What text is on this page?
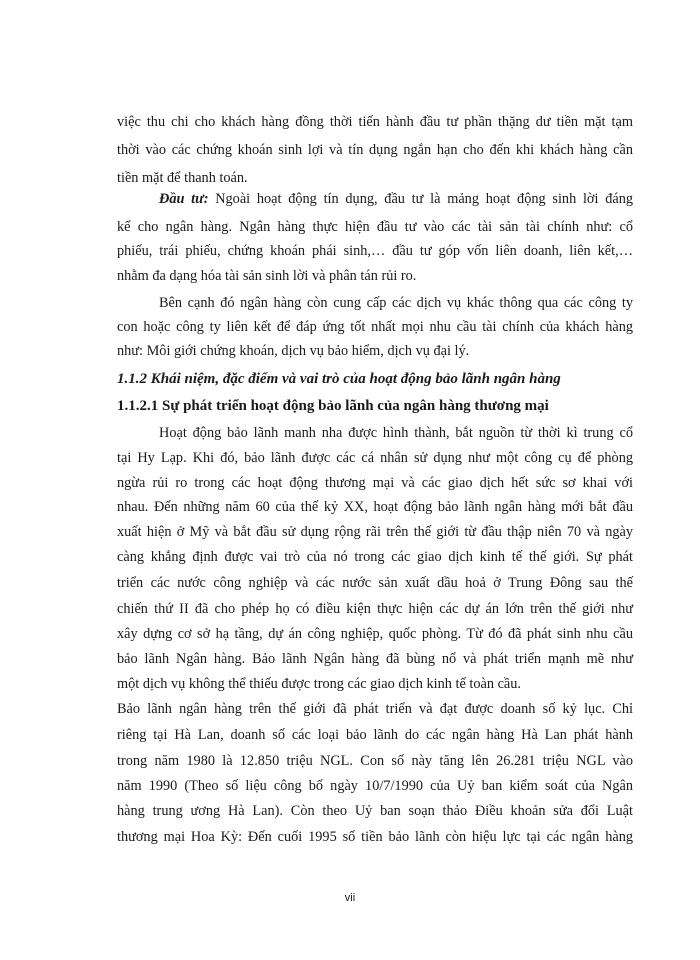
việc thu chi cho khách hàng đồng thời tiến hành đầu tư phần thặng dư tiền mặt tạm
thời vào các chứng khoán sinh lợi và tín dụng ngắn hạn cho đến khi khách hàng cần
tiền mặt để thanh toán.
Đầu tư: Ngoài hoạt động tín dụng, đầu tư là mảng hoạt động sinh lời đáng
kể cho ngân hàng. Ngân hàng thực hiện đầu tư vào các tài sản tài chính như: cổ
phiếu, trái phiếu, chứng khoán phái sinh,… đầu tư góp vốn liên doanh, liên kết,…
nhằm đa dạng hóa tài sản sinh lời và phân tán rủi ro.
Bên cạnh đó ngân hàng còn cung cấp các dịch vụ khác thông qua các công ty
con hoặc công ty liên kết để đáp ứng tốt nhất mọi nhu cầu tài chính của khách hàng
như: Môi giới chứng khoán, dịch vụ bảo hiểm, dịch vụ đại lý.
1.1.2 Khái niệm, đặc điểm và vai trò của hoạt động bảo lãnh ngân hàng
1.1.2.1 Sự phát triển hoạt động bảo lãnh của ngân hàng thương mại
Hoạt động bảo lãnh manh nha được hình thành, bắt nguồn từ thời kì trung cổ
tại Hy Lạp. Khi đó, bảo lãnh được các cá nhân sử dụng như một công cụ để phòng
ngừa rủi ro trong các hoạt động thương mại và các giao dịch hết sức sơ khai với
nhau. Đến những năm 60 của thế kỷ XX, hoạt động bảo lãnh ngân hàng mới bắt đầu
xuất hiện ở Mỹ và bắt đầu sử dụng rộng rãi trên thế giới từ đầu thập niên 70 và ngày
càng khẳng định được vai trò của nó trong các giao dịch kinh tế thế giới. Sự phát
triển các nước công nghiệp và các nước sản xuất dầu hoả ở Trung Đông sau thế
chiến thứ II đã cho phép họ có điều kiện thực hiện các dự án lớn trên thế giới như
xây dựng cơ sở hạ tầng, dự án công nghiệp, quốc phòng. Từ đó đã phát sinh nhu cầu
bảo lãnh Ngân hàng. Bảo lãnh Ngân hàng đã bùng nổ và phát triển mạnh mẽ như
một dịch vụ không thể thiếu được trong các giao dịch kinh tế toàn cầu.
Bảo lãnh ngân hàng trên thế giới đã phát triển và đạt được doanh số kỷ lục. Chỉ
riêng tại Hà Lan, doanh số các loại bảo lãnh do các ngân hàng Hà Lan phát hành
trong năm 1980 là 12.850 triệu NGL. Con số này tăng lên 26.281 triệu NGL vào
năm 1990 (Theo số liệu công bố ngày 10/7/1990 của Uỷ ban kiểm soát của Ngân
hàng trung ương Hà Lan). Còn theo Uỷ ban soạn thảo Điều khoản sửa đổi Luật
thương mại Hoa Kỳ: Đến cuối 1995 số tiền bảo lãnh còn hiệu lực tại các ngân hàng
vii
